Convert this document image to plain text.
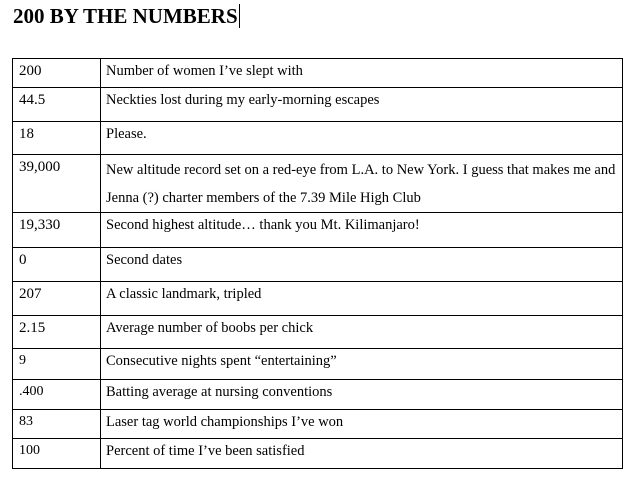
200 BY THE NUMBERS
200	Number of women I’ve slept with
44.5	Neckties lost during my early-morning escapes
18	Please.
39,000	New altitude record set on a red-eye from L.A. to New York. I guess that makes me and Jenna (?) charter members of the 7.39 Mile High Club
19,330	Second highest altitude… thank you Mt. Kilimanjaro!
0	Second dates
207	A classic landmark, tripled
2.15	Average number of boobs per chick
9	Consecutive nights spent “entertaining”
.400	Batting average at nursing conventions
83	Laser tag world championships I’ve won
100	Percent of time I’ve been satisfied
